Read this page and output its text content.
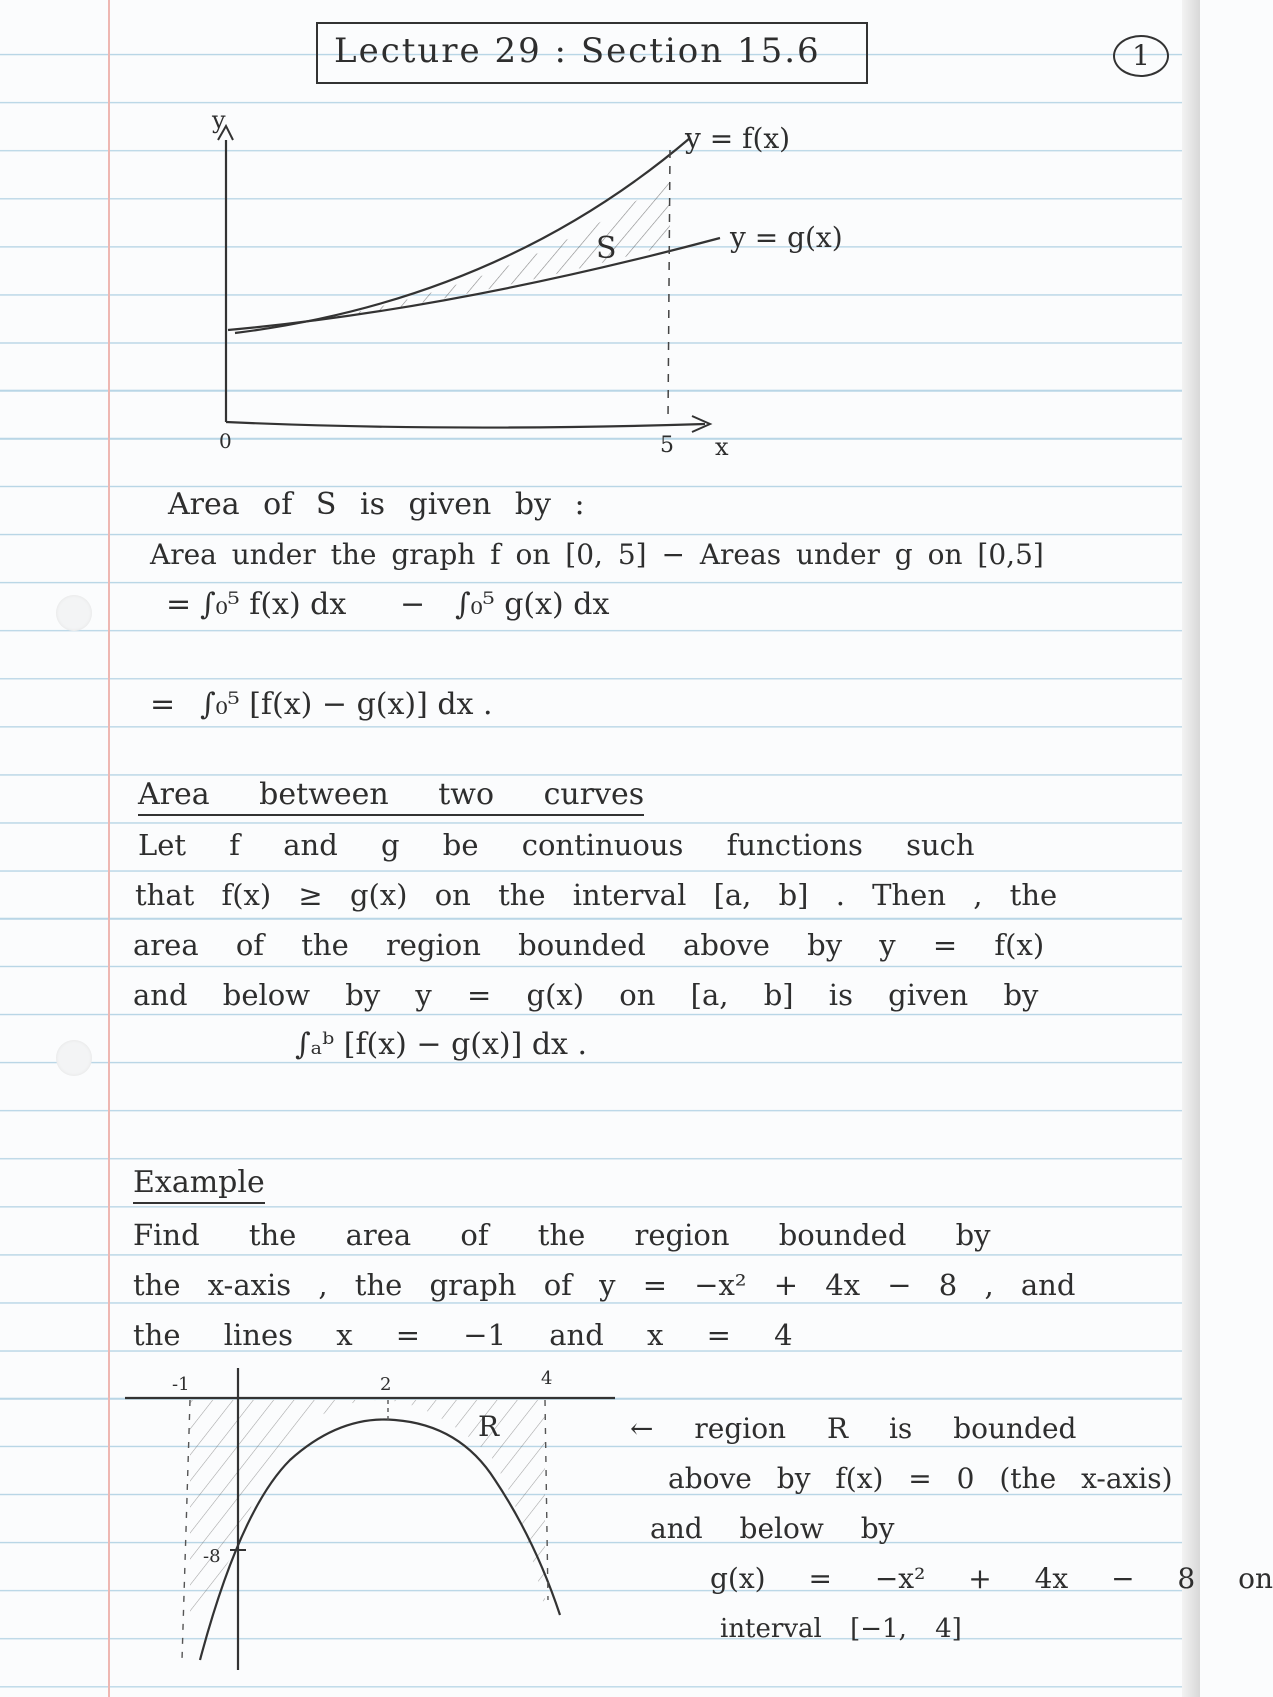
Lecture 29 : Section 15.6	1
y
x
0	5
y = f(x)
y = g(x)
S
Area of S is given by :
Area under the graph f on [0, 5] − Areas under g on [0,5]
= ∫₀⁵ f(x) dx − ∫₀⁵ g(x) dx
= ∫₀⁵ [f(x) − g(x)] dx .
Area between two curves
Let f and g be continuous functions such
that f(x) ≥ g(x) on the interval [a, b] . Then , the
area of the region bounded above by y = f(x)
and below by y = g(x) on [a, b] is given by
∫ₐᵇ [f(x) − g(x)] dx .
Example
Find the area of the region bounded by
the x-axis , the graph of y = −x² + 4x − 8 , and
the lines x = −1 and x = 4
-1	2	4
-8
R	← region R is bounded
above by f(x) = 0 (the x-axis)
and below by
g(x) = −x² + 4x − 8 on
interval [−1, 4]
